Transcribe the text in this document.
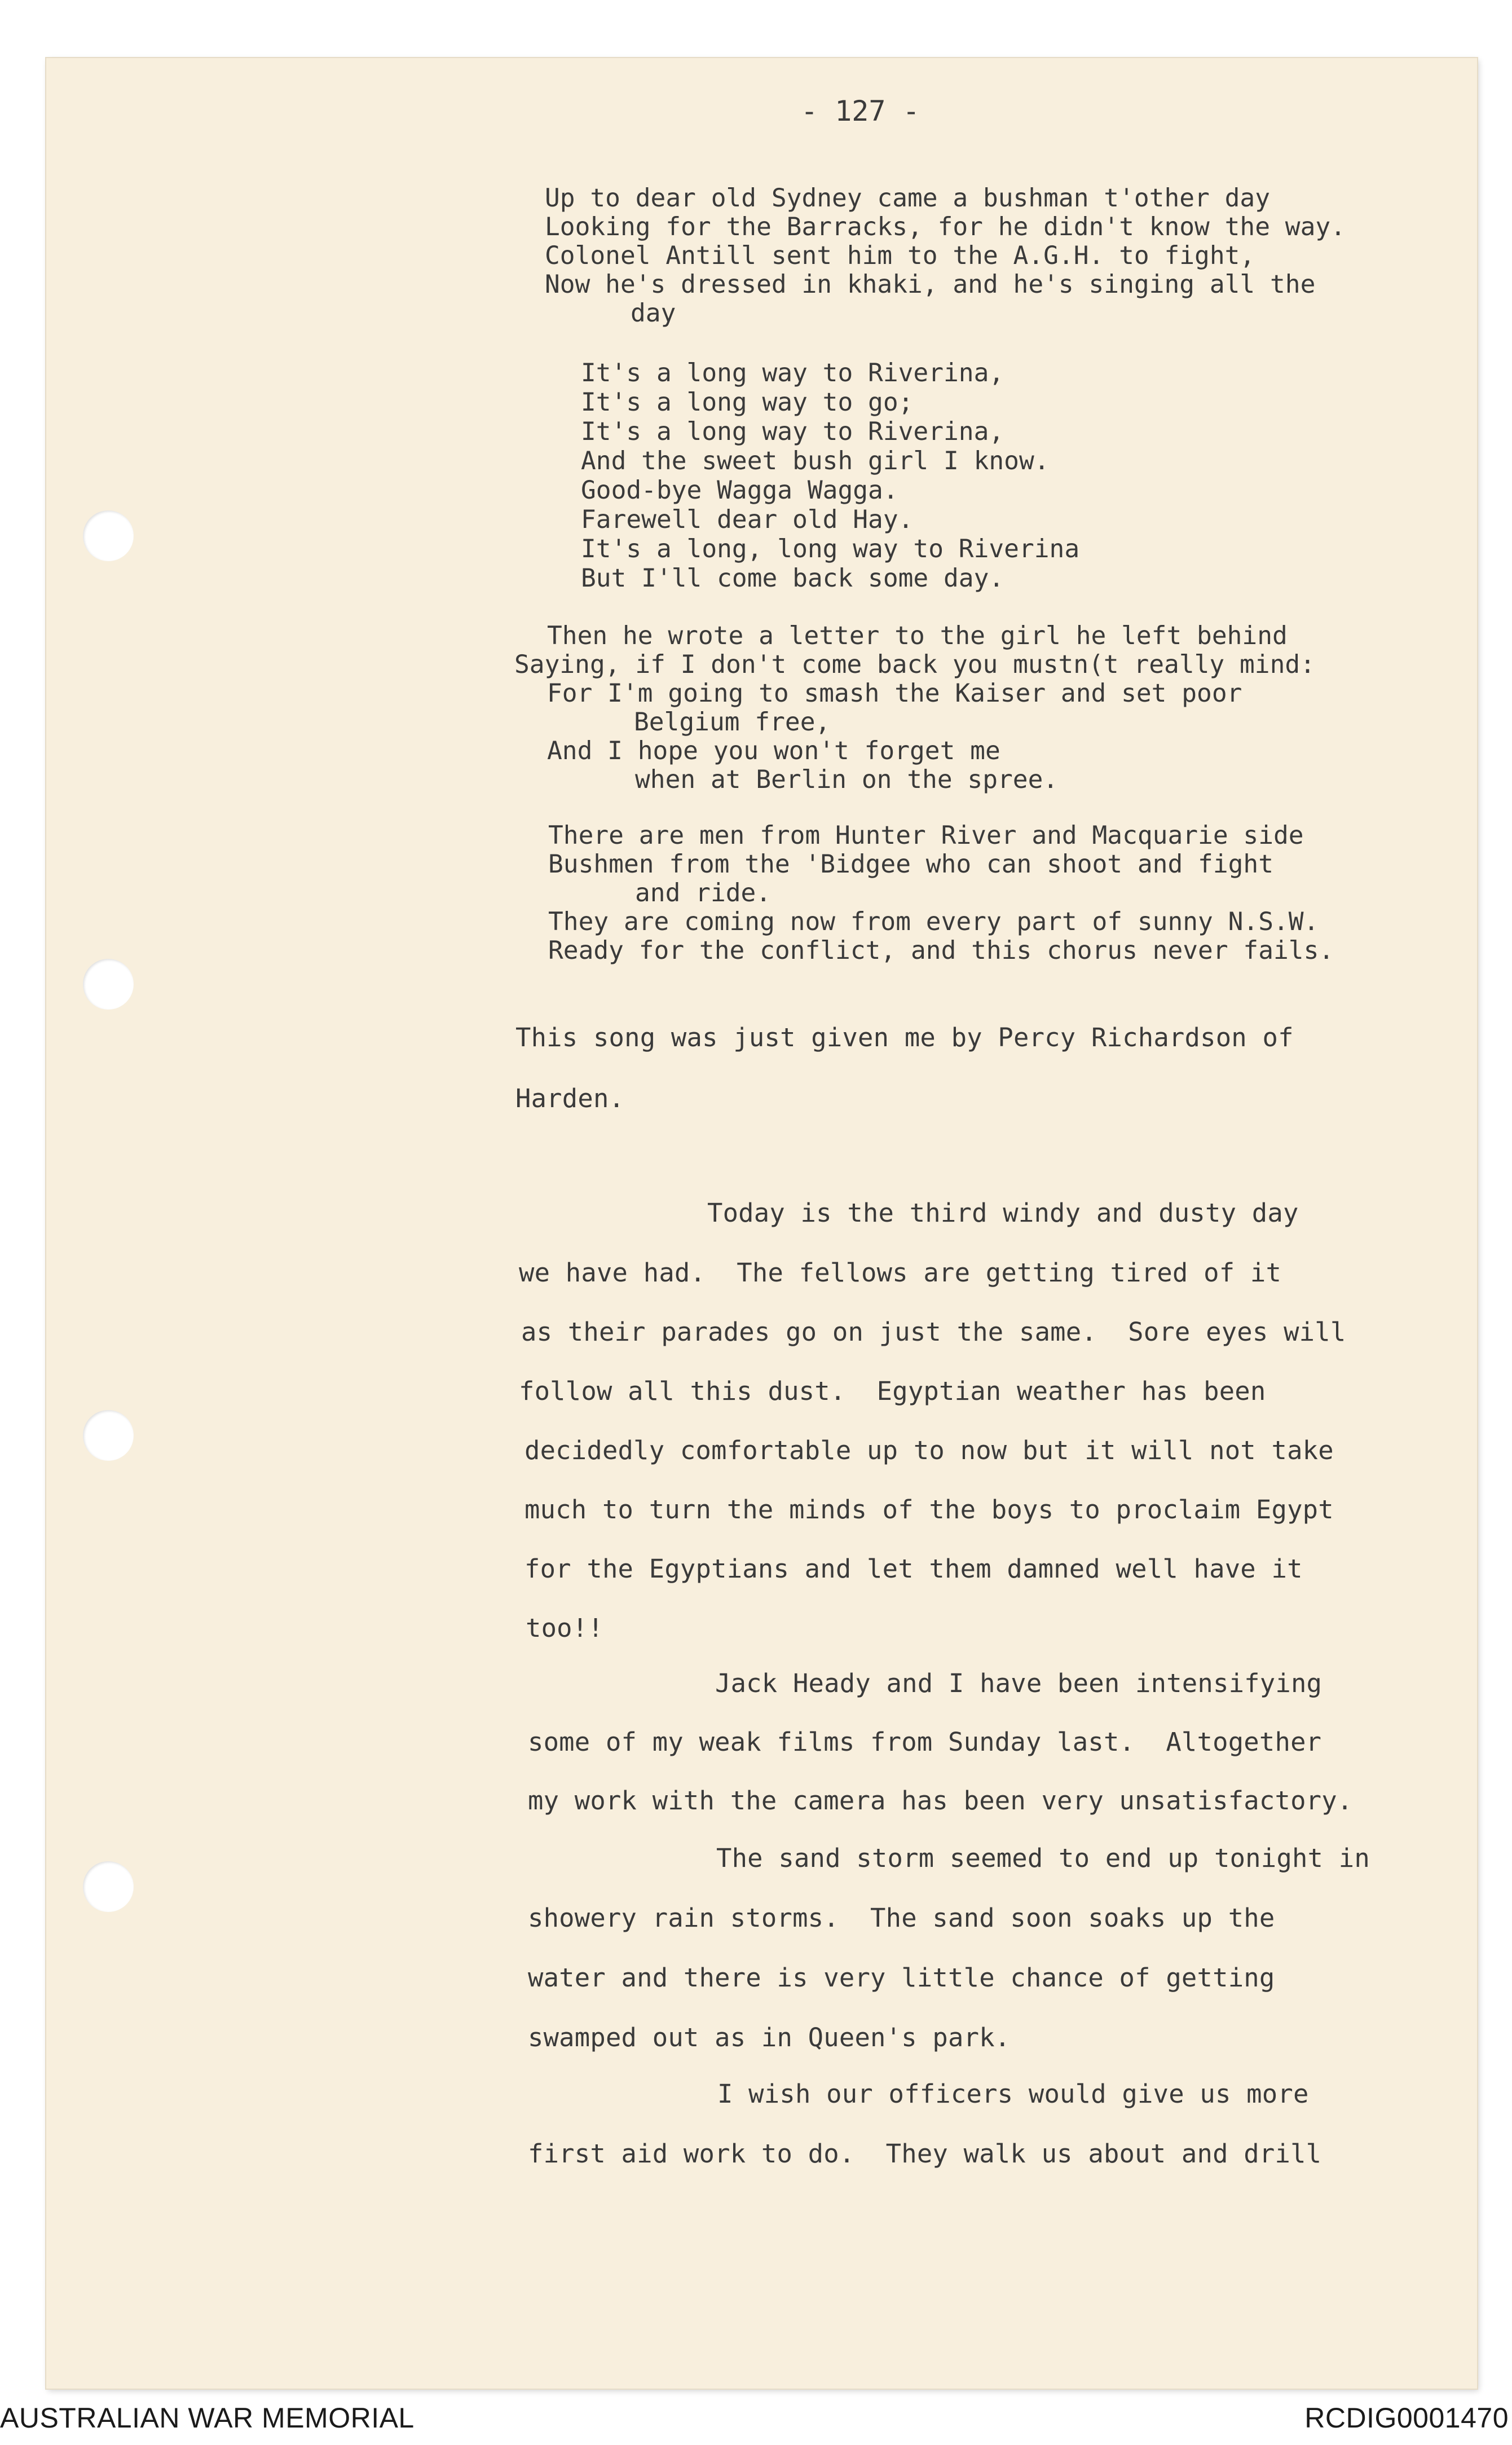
- 127 -
Up to dear old Sydney came a bushman t'other day
Looking for the Barracks, for he didn't know the way.
Colonel Antill sent him to the A.G.H. to fight,
Now he's dressed in khaki, and he's singing all the
day
It's a long way to Riverina,
It's a long way to go;
It's a long way to Riverina,
And the sweet bush girl I know.
Good-bye Wagga Wagga.
Farewell dear old Hay.
It's a long, long way to Riverina
But I'll come back some day.
Then he wrote a letter to the girl he left behind
Saying, if I don't come back you mustn(t really mind:
For I'm going to smash the Kaiser and set poor
Belgium free,
And I hope you won't forget me
when at Berlin on the spree.
There are men from Hunter River and Macquarie side
Bushmen from the 'Bidgee who can shoot and fight
and ride.
They are coming now from every part of sunny N.S.W.
Ready for the conflict, and this chorus never fails.
This song was just given me by Percy Richardson of
Harden.
Today is the third windy and dusty day
we have had.  The fellows are getting tired of it
as their parades go on just the same.  Sore eyes will
follow all this dust.  Egyptian weather has been
decidedly comfortable up to now but it will not take
much to turn the minds of the boys to proclaim Egypt
for the Egyptians and let them damned well have it
too!!
Jack Heady and I have been intensifying
some of my weak films from Sunday last.  Altogether
my work with the camera has been very unsatisfactory.
The sand storm seemed to end up tonight in
showery rain storms.  The sand soon soaks up the
water and there is very little chance of getting
swamped out as in Queen's park.
I wish our officers would give us more
first aid work to do.  They walk us about and drill
AUSTRALIAN WAR MEMORIAL	RCDIG0001470
